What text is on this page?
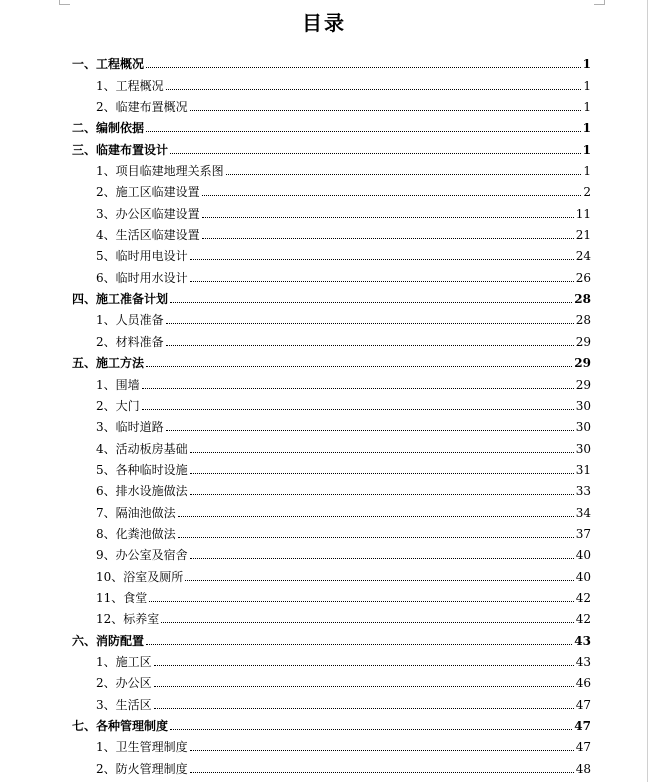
目录
一、工程概况	1
1、工程概况	1
2、临建布置概况	1
二、编制依据	1
三、临建布置设计	1
1、项目临建地理关系图	1
2、施工区临建设置	2
3、办公区临建设置	11
4、生活区临建设置	21
5、临时用电设计	24
6、临时用水设计	26
四、施工准备计划	28
1、人员准备	28
2、材料准备	29
五、施工方法	29
1、围墙	29
2、大门	30
3、临时道路	30
4、活动板房基础	30
5、各种临时设施	31
6、排水设施做法	33
7、隔油池做法	34
8、化粪池做法	37
9、办公室及宿舍	40
10、浴室及厕所	40
11、食堂	42
12、标养室	42
六、消防配置	43
1、施工区	43
2、办公区	46
3、生活区	47
七、各种管理制度	47
1、卫生管理制度	47
2、防火管理制度	48
